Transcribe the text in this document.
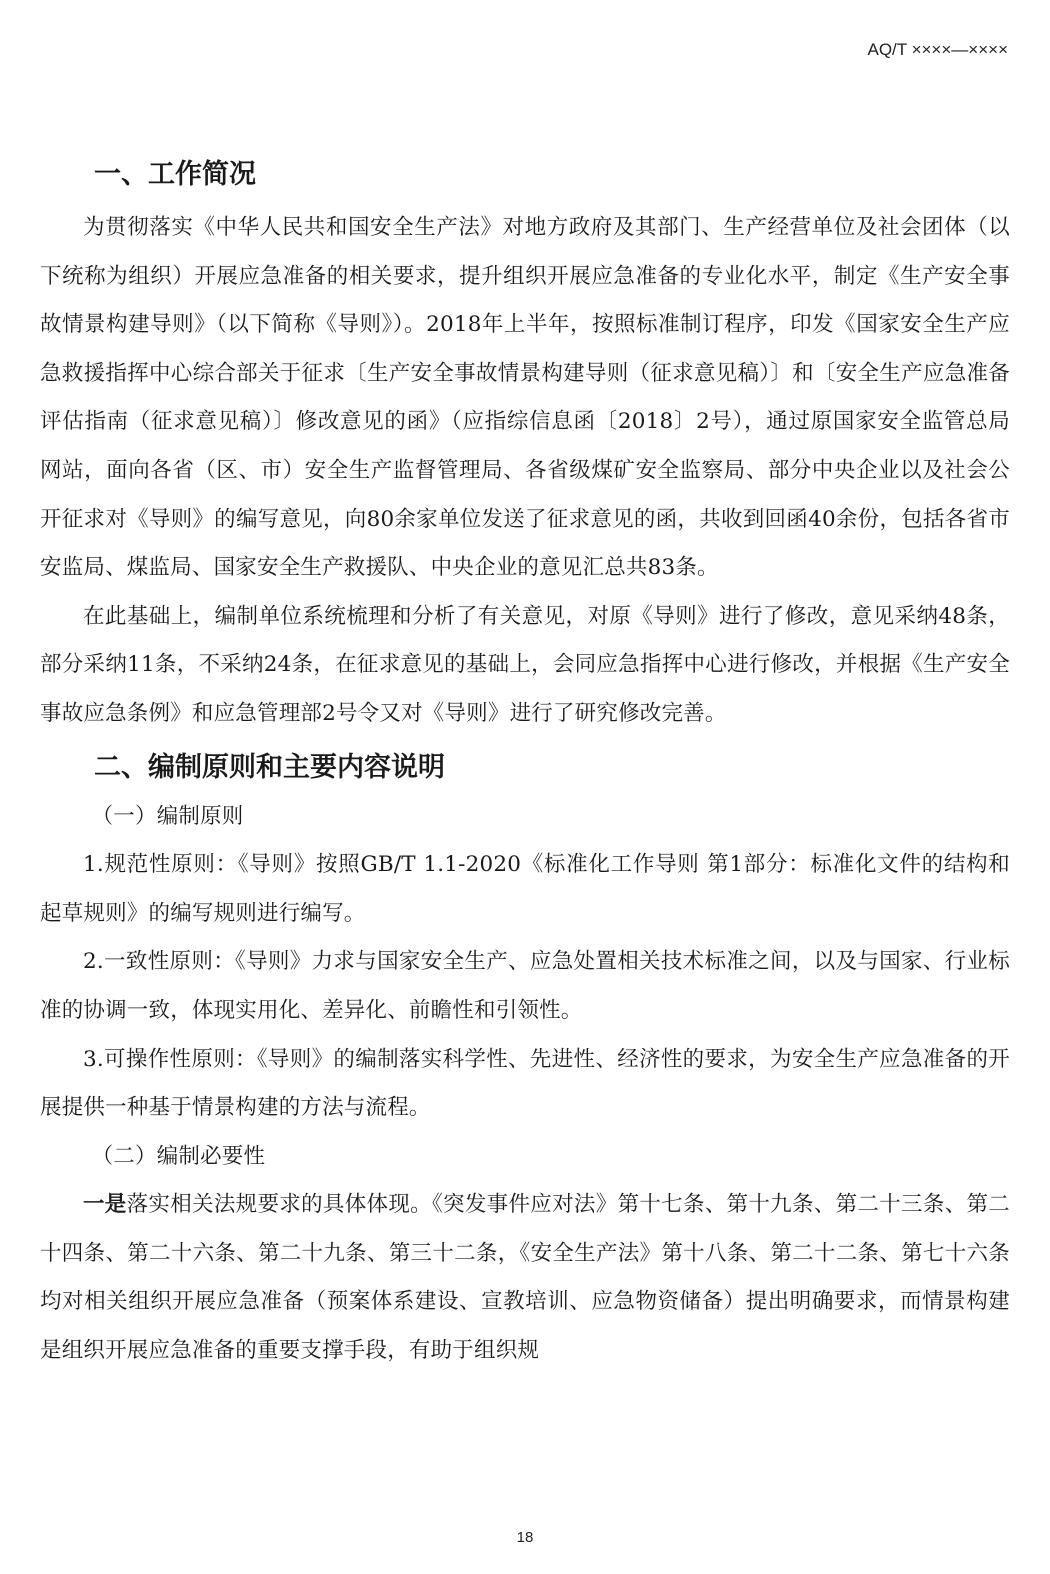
AQ/T ××××—××××
一、工作简况

为贯彻落实《中华人民共和国安全生产法》对地方政府及其部门、生产经营单位及社会团体（以下统称为组织）开展应急准备的相关要求，提升组织开展应急准备的专业化水平，制定《生产安全事故情景构建导则》（以下简称《导则》）。2018年上半年，按照标准制订程序，印发《国家安全生产应急救援指挥中心综合部关于征求〔生产安全事故情景构建导则（征求意见稿）〕和〔安全生产应急准备评估指南（征求意见稿）〕修改意见的函》（应指综信息函〔2018〕2号），通过原国家安全监管总局网站，面向各省（区、市）安全生产监督管理局、各省级煤矿安全监察局、部分中央企业以及社会公开征求对《导则》的编写意见，向80余家单位发送了征求意见的函，共收到回函40余份，包括各省市安监局、煤监局、国家安全生产救援队、中央企业的意见汇总共83条。

在此基础上，编制单位系统梳理和分析了有关意见，对原《导则》进行了修改，意见采纳48条，部分采纳11条，不采纳24条，在征求意见的基础上，会同应急指挥中心进行修改，并根据《生产安全事故应急条例》和应急管理部2号令又对《导则》进行了研究修改完善。

二、编制原则和主要内容说明

（一）编制原则

1.规范性原则：《导则》按照GB/T 1.1-2020《标准化工作导则 第1部分：标准化文件的结构和起草规则》的编写规则进行编写。

2.一致性原则：《导则》力求与国家安全生产、应急处置相关技术标准之间，以及与国家、行业标准的协调一致，体现实用化、差异化、前瞻性和引领性。

3.可操作性原则：《导则》的编制落实科学性、先进性、经济性的要求，为安全生产应急准备的开展提供一种基于情景构建的方法与流程。

（二）编制必要性

一是落实相关法规要求的具体体现。《突发事件应对法》第十七条、第十九条、第二十三条、第二十四条、第二十六条、第二十九条、第三十二条，《安全生产法》第十八条、第二十二条、第七十六条均对相关组织开展应急准备（预案体系建设、宣教培训、应急物资储备）提出明确要求，而情景构建是组织开展应急准备的重要支撑手段，有助于组织规

18
